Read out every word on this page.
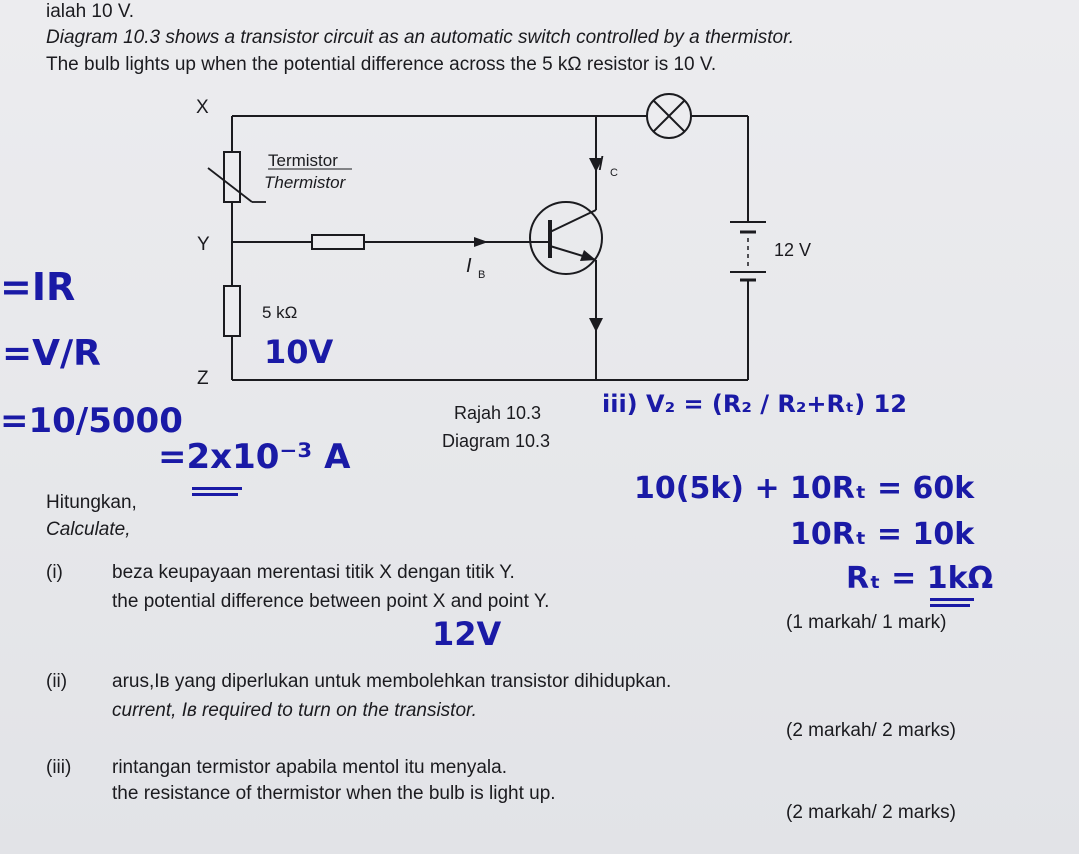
ialah 10 V.
Diagram 10.3 shows a transistor circuit as an automatic switch controlled by a thermistor.
The bulb lights up when the potential difference across the 5 kΩ resistor is 10 V.
X
Y
Z
Termistor
Thermistor
5 kΩ
12 V
I C
I B
Rajah 10.3
Diagram 10.3
Hitungkan,
Calculate,
(i)	beza keupayaan merentasi titik X dengan titik Y.
the potential difference between point X and point Y.
(1 markah/ 1 mark)
(ii) arus,Iʙ yang diperlukan untuk membolehkan transistor dihidupkan.
current, Iʙ required to turn on the transistor.
(2 markah/ 2 marks)
(iii) rintangan termistor apabila mentol itu menyala.
the resistance of thermistor when the bulb is light up.
(2 markah/ 2 marks)
=IR
=V/R
=10/5000
=2x10⁻³ A
10V
12V
iii) V₂ = (R₂ / R₂+Rₜ) 12
10(5k) + 10Rₜ = 60k
10Rₜ = 10k
Rₜ = 1kΩ
